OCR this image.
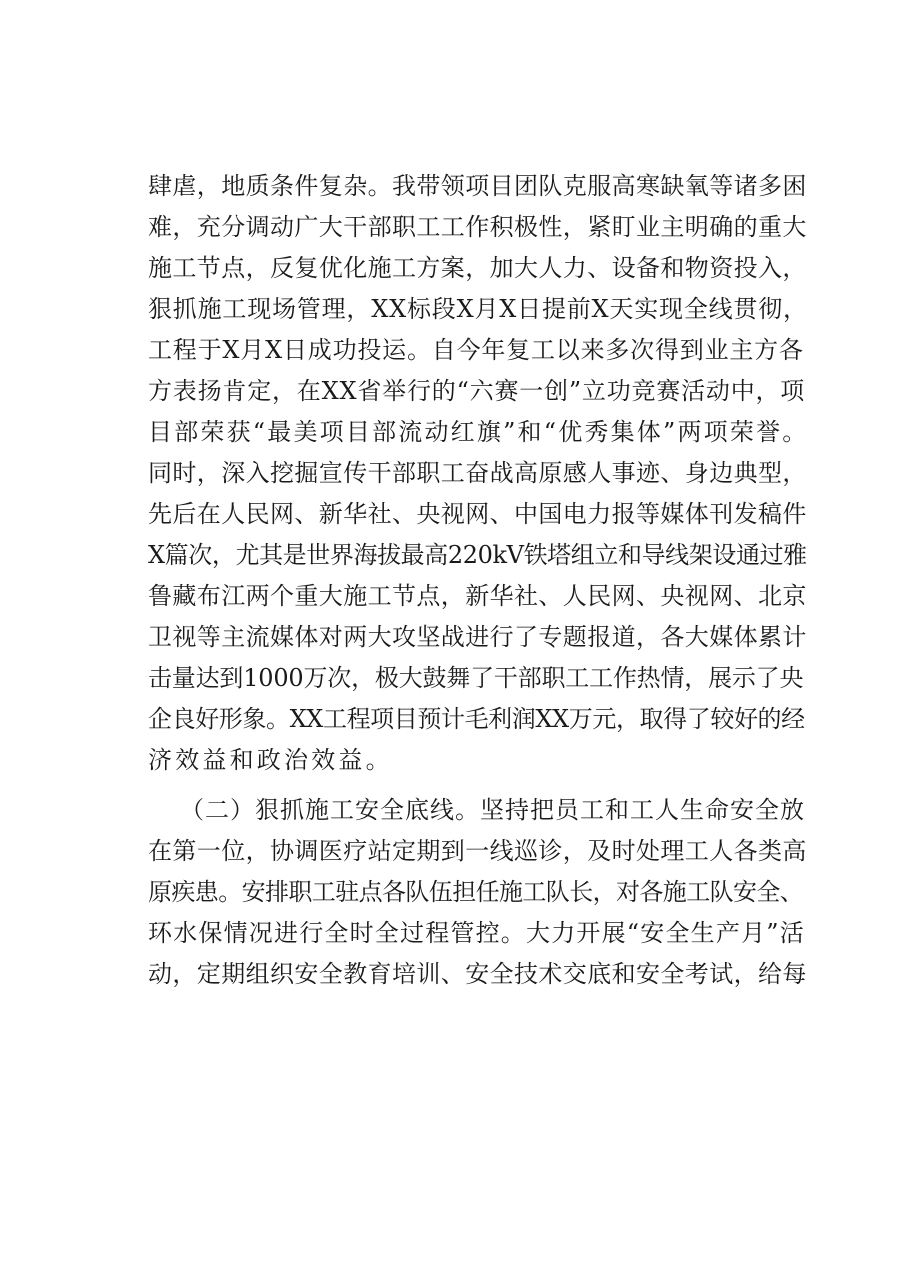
肆虐，地质条件复杂。我带领项目团队克服高寒缺氧等诸多困
难，充分调动广大干部职工工作积极性，紧盯业主明确的重大
施工节点，反复优化施工方案，加大人力、设备和物资投入，
狠抓施工现场管理，XX标段X月X日提前X天实现全线贯彻，
工程于X月X日成功投运。自今年复工以来多次得到业主方各
方表扬肯定，在XX省举行的“六赛一创”立功竞赛活动中，项
目部荣获“最美项目部流动红旗”和“优秀集体”两项荣誉。
同时，深入挖掘宣传干部职工奋战高原感人事迹、身边典型，
先后在人民网、新华社、央视网、中国电力报等媒体刊发稿件
X篇次，尤其是世界海拔最高220kV铁塔组立和导线架设通过雅
鲁藏布江两个重大施工节点，新华社、人民网、央视网、北京
卫视等主流媒体对两大攻坚战进行了专题报道，各大媒体累计
击量达到1000万次，极大鼓舞了干部职工工作热情，展示了央
企良好形象。XX工程项目预计毛利润XX万元，取得了较好的经
济效益和政治效益。
（二）狠抓施工安全底线。坚持把员工和工人生命安全放
在第一位，协调医疗站定期到一线巡诊，及时处理工人各类高
原疾患。安排职工驻点各队伍担任施工队长，对各施工队安全、
环水保情况进行全时全过程管控。大力开展“安全生产月”活
动，定期组织安全教育培训、安全技术交底和安全考试，给每
